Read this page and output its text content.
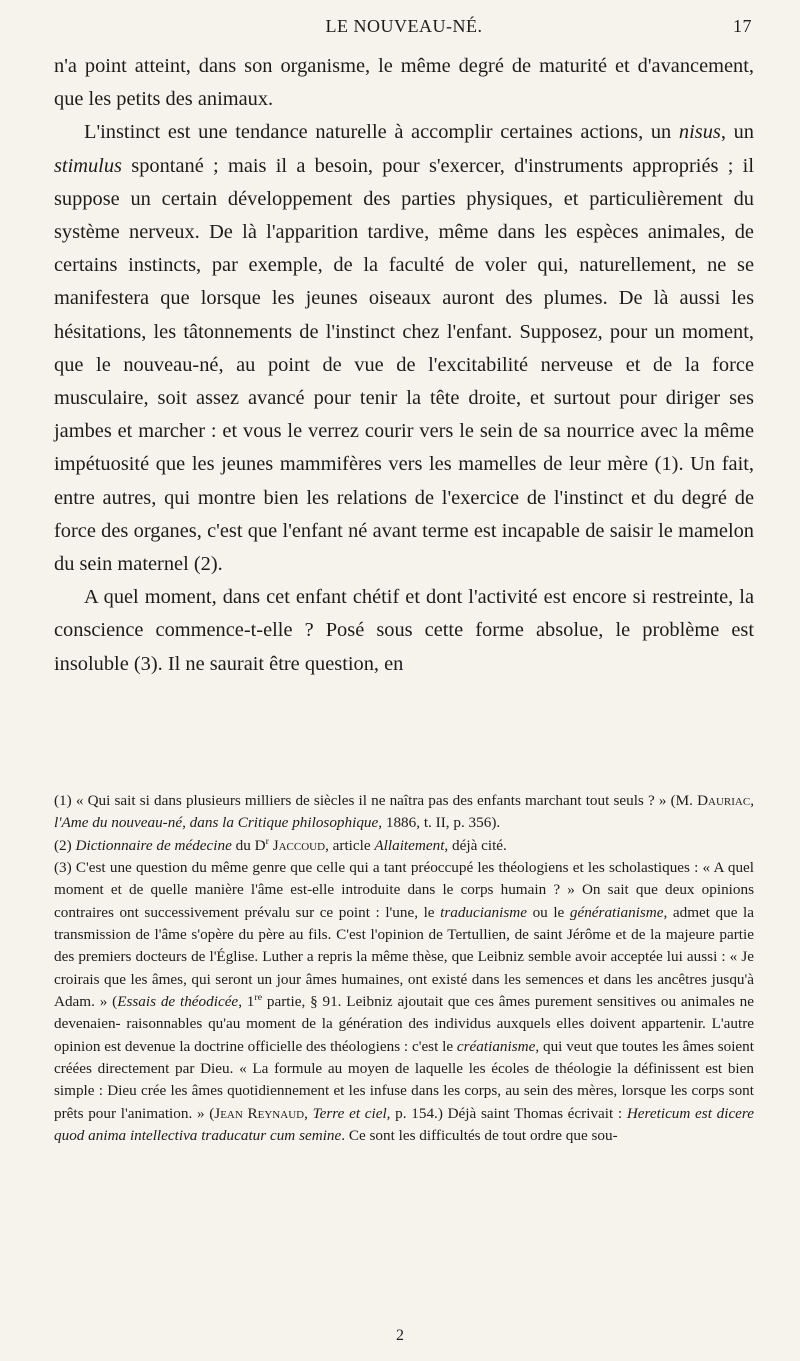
LE NOUVEAU-NÉ.	17

n'a point atteint, dans son organisme, le même degré de maturité et d'avancement, que les petits des animaux.

L'instinct est une tendance naturelle à accomplir certaines actions, un nisus, un stimulus spontané ; mais il a besoin, pour s'exercer, d'instruments appropriés ; il suppose un certain développement des parties physiques, et particulièrement du système nerveux. De là l'apparition tardive, même dans les espèces animales, de certains instincts, par exemple, de la faculté de voler qui, naturellement, ne se manifestera que lorsque les jeunes oiseaux auront des plumes. De là aussi les hésitations, les tâtonnements de l'instinct chez l'enfant. Supposez, pour un moment, que le nouveau-né, au point de vue de l'excitabilité nerveuse et de la force musculaire, soit assez avancé pour tenir la tête droite, et surtout pour diriger ses jambes et marcher : et vous le verrez courir vers le sein de sa nourrice avec la même impétuosité que les jeunes mammifères vers les mamelles de leur mère (1). Un fait, entre autres, qui montre bien les relations de l'exercice de l'instinct et du degré de force des organes, c'est que l'enfant né avant terme est incapable de saisir le mamelon du sein maternel (2).

A quel moment, dans cet enfant chétif et dont l'activité est encore si restreinte, la conscience commence-t-elle ? Posé sous cette forme absolue, le problème est insoluble (3). Il ne saurait être question, en

(1) « Qui sait si dans plusieurs milliers de siècles il ne naîtra pas des enfants marchant tout seuls ? » (M. Dauriac, l'Ame du nouveau-né, dans la Critique philosophique, 1886, t. II, p. 356).

(2) Dictionnaire de médecine du $D^r$ Jaccoud, article Allaitement, déjà cité.

(3) C'est une question du même genre que celle qui a tant préoccupé les théologiens et les scholastiques : « A quel moment et de quelle manière l'âme est-elle introduite dans le corps humain ? » On sait que deux opinions contraires ont successivement prévalu sur ce point : l'une, le traducianisme ou le génératianisme, admet que la transmission de l'âme s'opère du père au fils. C'est l'opinion de Tertullien, de saint Jérôme et de la majeure partie des premiers docteurs de l'Église. Luther a repris la même thèse, que Leibniz semble avoir acceptée lui aussi : « Je croirais que les âmes, qui seront un jour âmes humaines, ont existé dans les semences et dans les ancêtres jusqu'à Adam. » (Essais de théodicée, 1re partie, § 91. Leibniz ajoutait que ces âmes purement sensitives ou animales ne devenaien- raisonnables qu'au moment de la génération des individus auxquels elles doivent appartenir. L'autre opinion est devenue la doctrine officielle des théologiens : c'est le créatianisme, qui veut que toutes les âmes soient créées directement par Dieu. « La formule au moyen de laquelle les écoles de théologie la définissent est bien simple : Dieu crée les âmes quotidiennement et les infuse dans les corps, au sein des mères, lorsque les corps sont prêts pour l'animation. » (Jean Reynaud, Terre et ciel, p. 154.) Déjà saint Thomas écrivait : Hereticum est dicere quod anima intellectiva traducatur cum semine. Ce sont les difficultés de tout ordre que sou-

2
